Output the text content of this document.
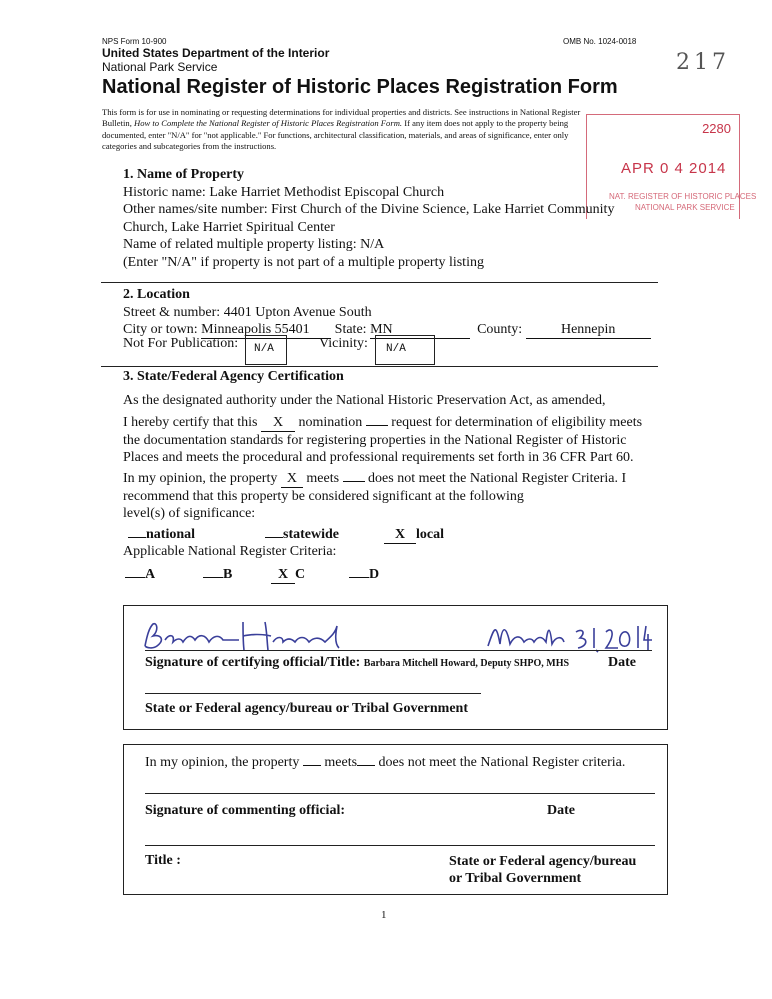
NPS Form 10-900	OMB No. 1024-0018
United States Department of the Interior
National Park Service	217
National Register of Historic Places Registration Form
This form is for use in nominating or requesting determinations for individual properties and districts. See instructions in National Register
Bulletin, How to Complete the National Register of Historic Places Registration Form. If any item does not apply to the property being
documented, enter "N/A" for "not applicable." For functions, architectural classification, materials, and areas of significance, enter only
categories and subcategories from the instructions.
2280
APR 0 4 2014
NAT. REGISTER OF HISTORIC PLACES
NATIONAL PARK SERVICE
1. Name of Property
Historic name: Lake Harriet Methodist Episcopal Church
Other names/site number: First Church of the Divine Science, Lake Harriet Community
Church, Lake Harriet Spiritual Center
Name of related multiple property listing: N/A
(Enter "N/A" if property is not part of a multiple property listing
2. Location
Street & number: 4401 Upton Avenue South
City or town: Minneapolis 55401 State: MN	County:	Hennepin
Not For Publication:	N/A	Vicinity:	N/A
3. State/Federal Agency Certification
As the designated authority under the National Historic Preservation Act, as amended,
I hereby certify that this X nomination request for determination of eligibility meets
the documentation standards for registering properties in the National Register of Historic
Places and meets the procedural and professional requirements set forth in 36 CFR Part 60.
In my opinion, the property X meets does not meet the National Register Criteria. I
recommend that this property be considered significant at the following
level(s) of significance:
national	statewide	X local
Applicable National Register Criteria:
A	B	X C	D
Signature of certifying official/Title: Barbara Mitchell Howard, Deputy SHPO, MHS	Date
State or Federal agency/bureau or Tribal Government
In my opinion, the property meets does not meet the National Register criteria.
Signature of commenting official:	Date
Title :	State or Federal agency/bureau
or Tribal Government
1
